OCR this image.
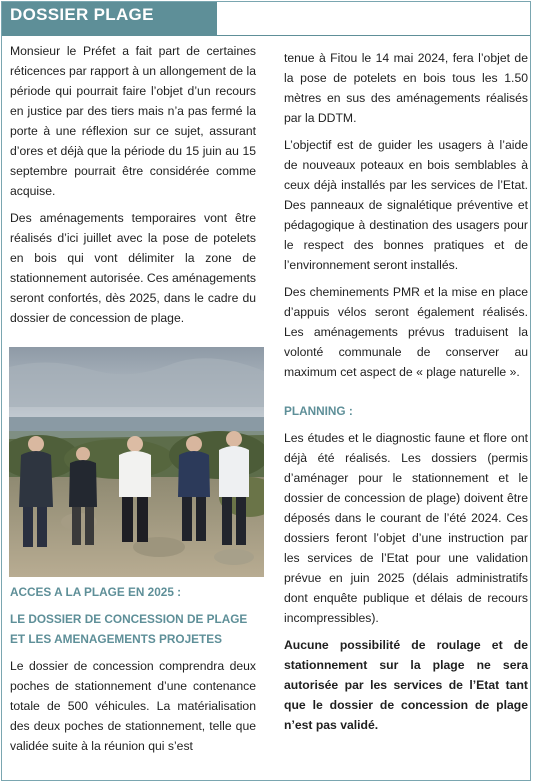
DOSSIER PLAGE

Monsieur le Préfet a fait part de certaines réticences par rapport à un allongement de la période qui pourrait faire l’objet d’un recours en justice par des tiers mais n’a pas fermé la porte à une réflexion sur ce sujet, assurant d’ores et déjà que la période du 15 juin au 15 septembre pourrait être considérée comme acquise.

Des aménagements temporaires vont être réalisés d’ici juillet avec la pose de potelets en bois qui vont délimiter la zone de stationnement autorisée. Ces aménagements seront confortés, dès 2025, dans le cadre du dossier de concession de plage.

ACCES A LA PLAGE EN 2025 :

LE DOSSIER DE CONCESSION DE PLAGE ET LES AMENAGEMENTS PROJETES

Le dossier de concession comprendra deux poches de stationnement d’une contenance totale de 500 véhicules. La matérialisation des deux poches de stationnement, telle que validée suite à la réunion qui s’est

tenue à Fitou le 14 mai 2024, fera l’objet de la pose de potelets en bois tous les 1.50 mètres en sus des aménagements réalisés par la DDTM.

L’objectif est de guider les usagers à l’aide de nouveaux poteaux en bois semblables à ceux déjà installés par les services de l’Etat. Des panneaux de signalétique préventive et pédagogique à destination des usagers pour le respect des bonnes pratiques et de l’environnement seront installés.

Des cheminements PMR et la mise en place d’appuis vélos seront également réalisés. Les aménagements prévus traduisent la volonté communale de conserver au maximum cet aspect de « plage naturelle ».

PLANNING :

Les études et le diagnostic faune et flore ont déjà été réalisés. Les dossiers (permis d’aménager pour le stationnement et le dossier de concession de plage) doivent être déposés dans le courant de l’été 2024. Ces dossiers feront l’objet d’une instruction par les services de l’Etat pour une validation prévue en juin 2025 (délais administratifs dont enquête publique et délais de recours incompressibles).

Aucune possibilité de roulage et de stationnement sur la plage ne sera autorisée par les services de l’Etat tant que le dossier de concession de plage n’est pas validé.
